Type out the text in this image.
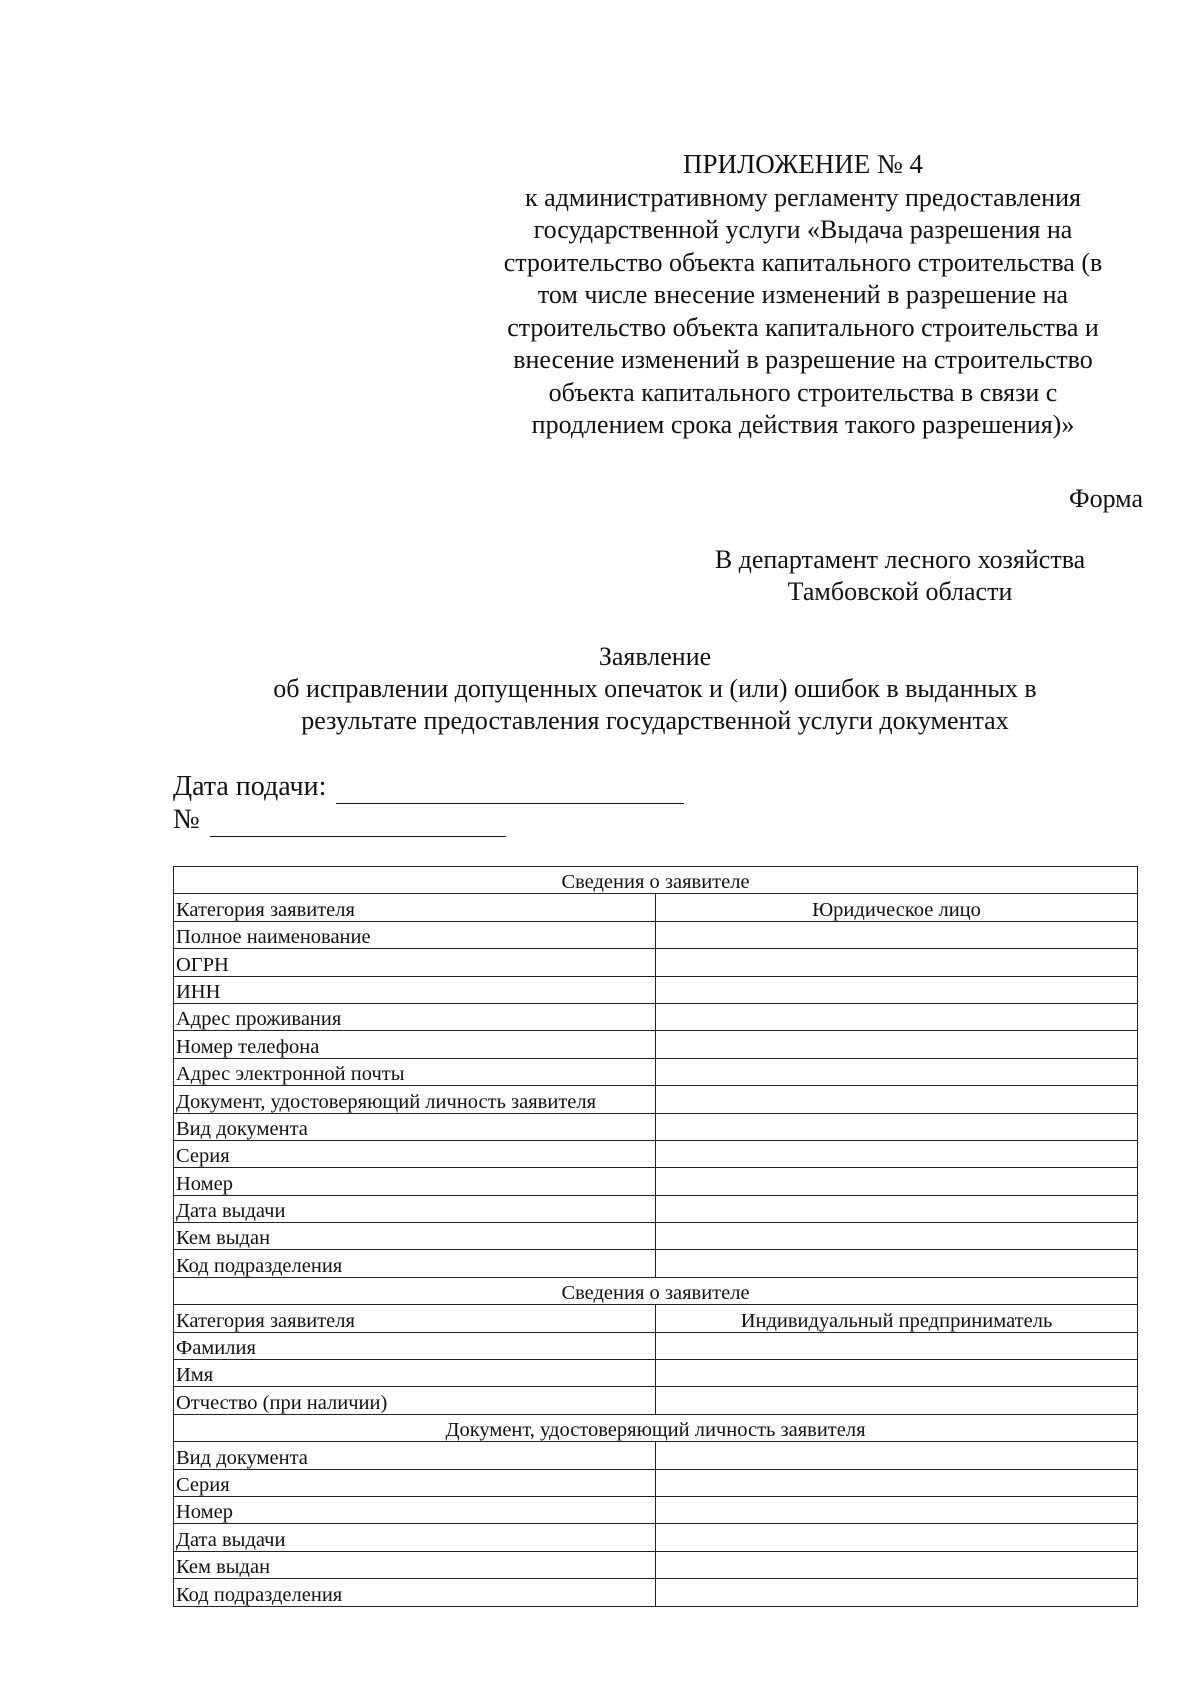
ПРИЛОЖЕНИЕ № 4
к административному регламенту предоставления
государственной услуги «Выдача разрешения на
строительство объекта капитального строительства (в
том числе внесение изменений в разрешение на
строительство объекта капитального строительства и
внесение изменений в разрешение на строительство
объекта капитального строительства в связи с
продлением срока действия такого разрешения)»
Форма
В департамент лесного хозяйства
Тамбовской области
Заявление
об исправлении допущенных опечаток и (или) ошибок в выданных в
результате предоставления государственной услуги документах
Дата подачи:
№
Сведения о заявителе	
Категория заявителя	Юридическое лицо
Полное наименование	
ОГРН	
ИНН	
Адрес проживания	
Номер телефона	
Адрес электронной почты	
Документ, удостоверяющий личность заявителя	
Вид документа	
Серия	
Номер	
Дата выдачи	
Кем выдан	
Код подразделения	
Сведения о заявителе	
Категория заявителя	Индивидуальный предприниматель
Фамилия	
Имя	
Отчество (при наличии)	
Документ, удостоверяющий личность заявителя	
Вид документа	
Серия	
Номер	
Дата выдачи	
Кем выдан	
Код подразделения	
